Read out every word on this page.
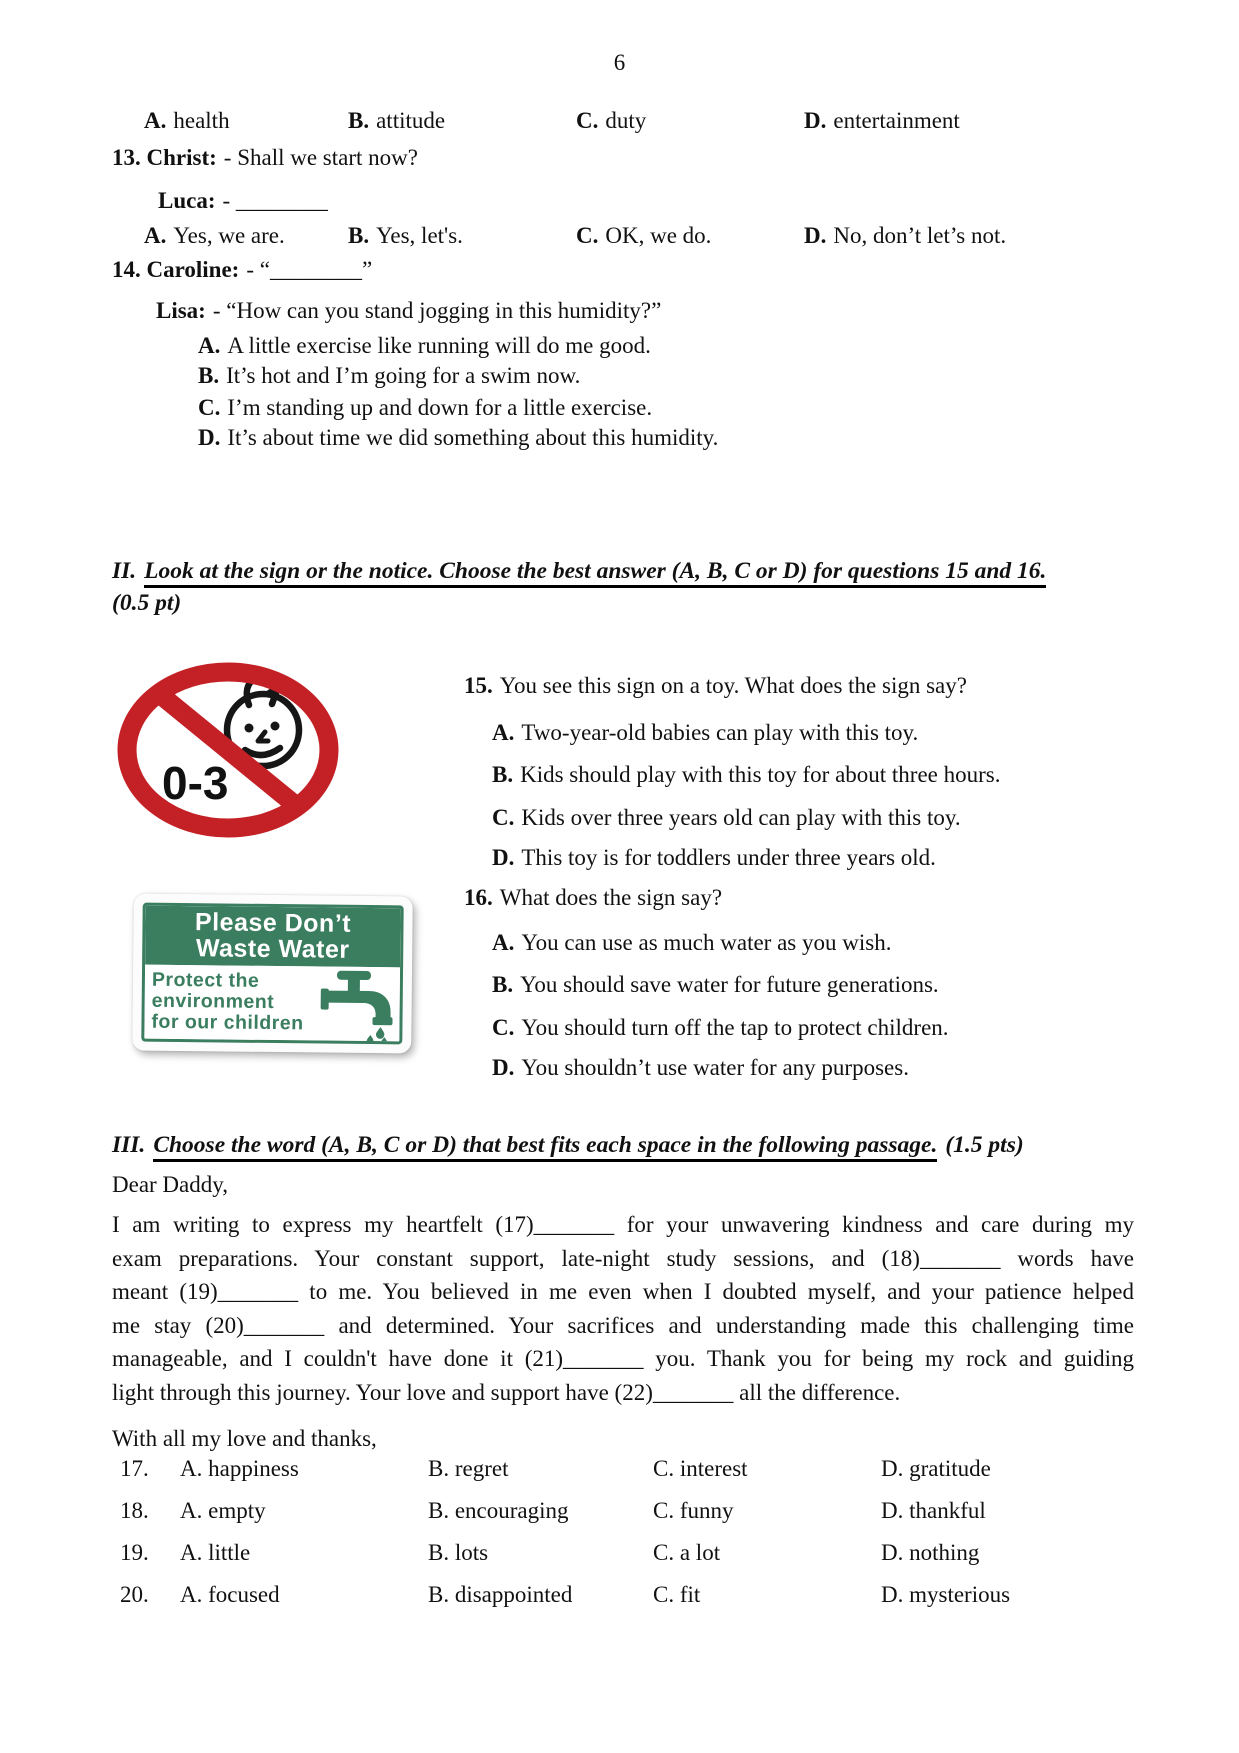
6
A. health	B. attitude	C. duty	D. entertainment
13. Christ: - Shall we start now?
Luca: - ________
A. Yes, we are.	B. Yes, let's.	C. OK, we do.	D. No, don’t let’s not.
14. Caroline: - “________”
Lisa: - “How can you stand jogging in this humidity?”
A. A little exercise like running will do me good.
B. It’s hot and I’m going for a swim now.
C. I’m standing up and down for a little exercise.
D. It’s about time we did something about this humidity.
II. Look at the sign or the notice. Choose the best answer (A, B, C or D) for questions 15 and 16.
(0.5 pt)
0-3
15. You see this sign on a toy. What does the sign say?
A. Two-year-old babies can play with this toy.
B. Kids should play with this toy for about three hours.
C. Kids over three years old can play with this toy.
D. This toy is for toddlers under three years old.
16. What does the sign say?
A. You can use as much water as you wish.
B. You should save water for future generations.
C. You should turn off the tap to protect children.
D. You shouldn’t use water for any purposes.
Please Don’t
Waste Water
Protect the
environment
for our children
III. Choose the word (A, B, C or D) that best fits each space in the following passage. (1.5 pts)
Dear Daddy,
I am writing to express my heartfelt (17)_______ for your unwavering kindness and care during my
exam preparations. Your constant support, late-night study sessions, and (18)_______ words have
meant (19)_______ to me. You believed in me even when I doubted myself, and your patience helped
me stay (20)_______ and determined. Your sacrifices and understanding made this challenging time
manageable, and I couldn't have done it (21)_______ you. Thank you for being my rock and guiding
light through this journey. Your love and support have (22)_______ all the difference.
With all my love and thanks,
17. A. happiness	B. regret	C. interest	D. gratitude
18. A. empty	B. encouraging	C. funny	D. thankful
19. A. little	B. lots	C. a lot	D. nothing
20. A. focused	B. disappointed	C. fit	D. mysterious
